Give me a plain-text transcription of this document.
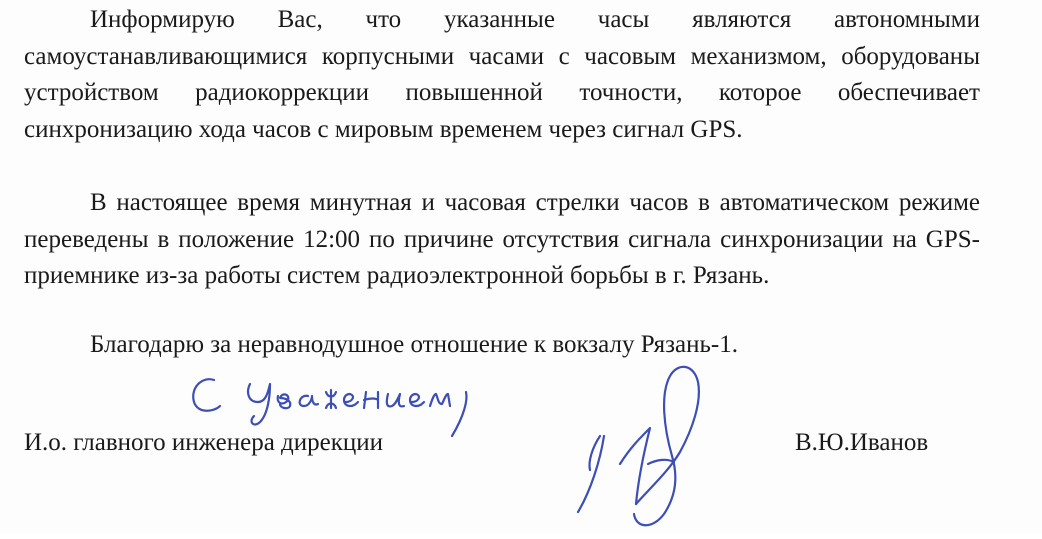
Информирую Вас, что указанные часы являются автономными самоустанавливающимися корпусными часами с часовым механизмом, оборудованы устройством радиокоррекции повышенной точности, которое обеспечивает синхронизацию хода часов с мировым временем через сигнал GPS.

В настоящее время минутная и часовая стрелки часов в автоматическом режиме переведены в положение 12:00 по причине отсутствия сигнала синхронизации на GPS-приемнике из-за работы систем радиоэлектронной борьбы в г. Рязань.

Благодарю за неравнодушное отношение к вокзалу Рязань-1.

И.о. главного инженера дирекции	В.Ю.Иванов
